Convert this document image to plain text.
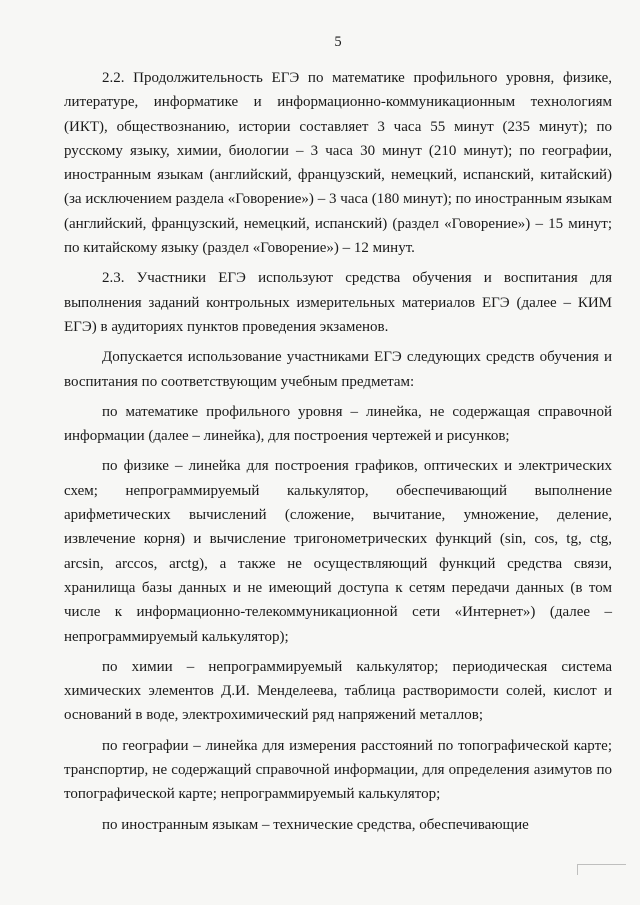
5

2.2. Продолжительность ЕГЭ по математике профильного уровня, физике, литературе, информатике и информационно-коммуникационным технологиям (ИКТ), обществознанию, истории составляет 3 часа 55 минут (235 минут); по русскому языку, химии, биологии – 3 часа 30 минут (210 минут); по географии, иностранным языкам (английский, французский, немецкий, испанский, китайский) (за исключением раздела «Говорение») – 3 часа (180 минут); по иностранным языкам (английский, французский, немецкий, испанский) (раздел «Говорение») – 15 минут; по китайскому языку (раздел «Говорение») – 12 минут.

2.3. Участники ЕГЭ используют средства обучения и воспитания для выполнения заданий контрольных измерительных материалов ЕГЭ (далее – КИМ ЕГЭ) в аудиториях пунктов проведения экзаменов.

Допускается использование участниками ЕГЭ следующих средств обучения и воспитания по соответствующим учебным предметам:

по математике профильного уровня – линейка, не содержащая справочной информации (далее – линейка), для построения чертежей и рисунков;

по физике – линейка для построения графиков, оптических и электрических схем; непрограммируемый калькулятор, обеспечивающий выполнение арифметических вычислений (сложение, вычитание, умножение, деление, извлечение корня) и вычисление тригонометрических функций (sin, cos, tg, ctg, arcsin, arccos, arctg), а также не осуществляющий функций средства связи, хранилища базы данных и не имеющий доступа к сетям передачи данных (в том числе к информационно-телекоммуникационной сети «Интернет») (далее – непрограммируемый калькулятор);

по химии – непрограммируемый калькулятор; периодическая система химических элементов Д.И. Менделеева, таблица растворимости солей, кислот и оснований в воде, электрохимический ряд напряжений металлов;

по географии – линейка для измерения расстояний по топографической карте; транспортир, не содержащий справочной информации, для определения азимутов по топографической карте; непрограммируемый калькулятор;

по иностранным языкам – технические средства, обеспечивающие
